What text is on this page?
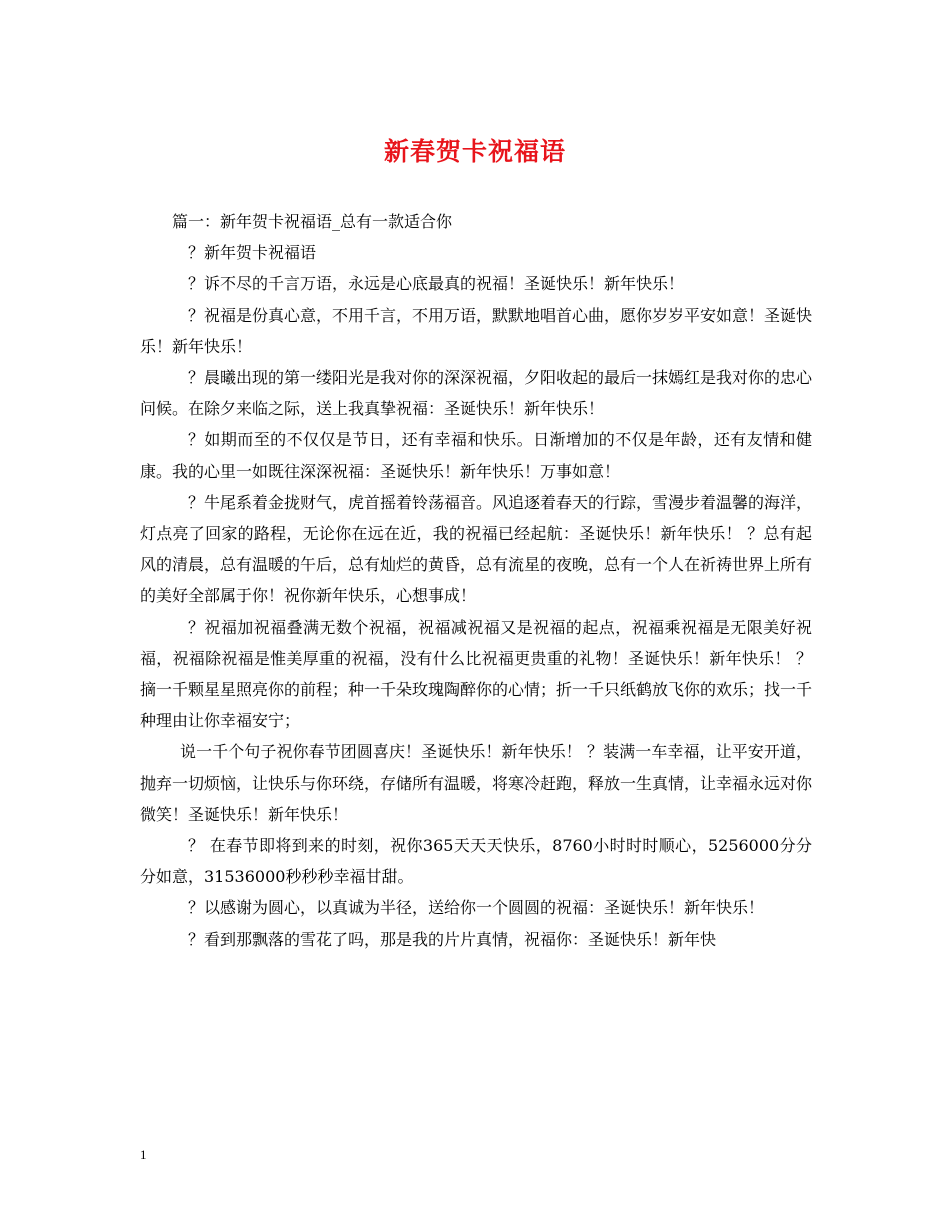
新春贺卡祝福语

篇一：新年贺卡祝福语_总有一款适合你

？新年贺卡祝福语

？诉不尽的千言万语，永远是心底最真的祝福！圣诞快乐！新年快乐！

？祝福是份真心意，不用千言，不用万语，默默地唱首心曲，愿你岁岁平安如意！圣诞快乐！新年快乐！

？晨曦出现的第一缕阳光是我对你的深深祝福，夕阳收起的最后一抹嫣红是我对你的忠心问候。在除夕来临之际，送上我真挚祝福：圣诞快乐！新年快乐！

？如期而至的不仅仅是节日，还有幸福和快乐。日渐增加的不仅是年龄，还有友情和健康。我的心里一如既往深深祝福：圣诞快乐！新年快乐！万事如意！

？牛尾系着金拢财气，虎首摇着铃荡福音。风追逐着春天的行踪，雪漫步着温馨的海洋，灯点亮了回家的路程，无论你在远在近，我的祝福已经起航：圣诞快乐！新年快乐！ ？总有起风的清晨，总有温暖的午后，总有灿烂的黄昏，总有流星的夜晚，总有一个人在祈祷世界上所有的美好全部属于你！祝你新年快乐，心想事成！

？祝福加祝福叠满无数个祝福，祝福减祝福又是祝福的起点，祝福乘祝福是无限美好祝福，祝福除祝福是惟美厚重的祝福，没有什么比祝福更贵重的礼物！圣诞快乐！新年快乐！ ？摘一千颗星星照亮你的前程；种一千朵玫瑰陶醉你的心情；折一千只纸鹤放飞你的欢乐；找一千种理由让你幸福安宁；

说一千个句子祝你春节团圆喜庆！圣诞快乐！新年快乐！ ？装满一车幸福，让平安开道，抛弃一切烦恼，让快乐与你环绕，存储所有温暖，将寒冷赶跑，释放一生真情，让幸福永远对你微笑！圣诞快乐！新年快乐！

？ 在春节即将到来的时刻，祝你365天天天快乐，8760小时时时顺心，5256000分分分如意，31536000秒秒秒幸福甘甜。

？以感谢为圆心，以真诚为半径，送给你一个圆圆的祝福：圣诞快乐！新年快乐！

？看到那飘落的雪花了吗，那是我的片片真情，祝福你：圣诞快乐！新年快

1
